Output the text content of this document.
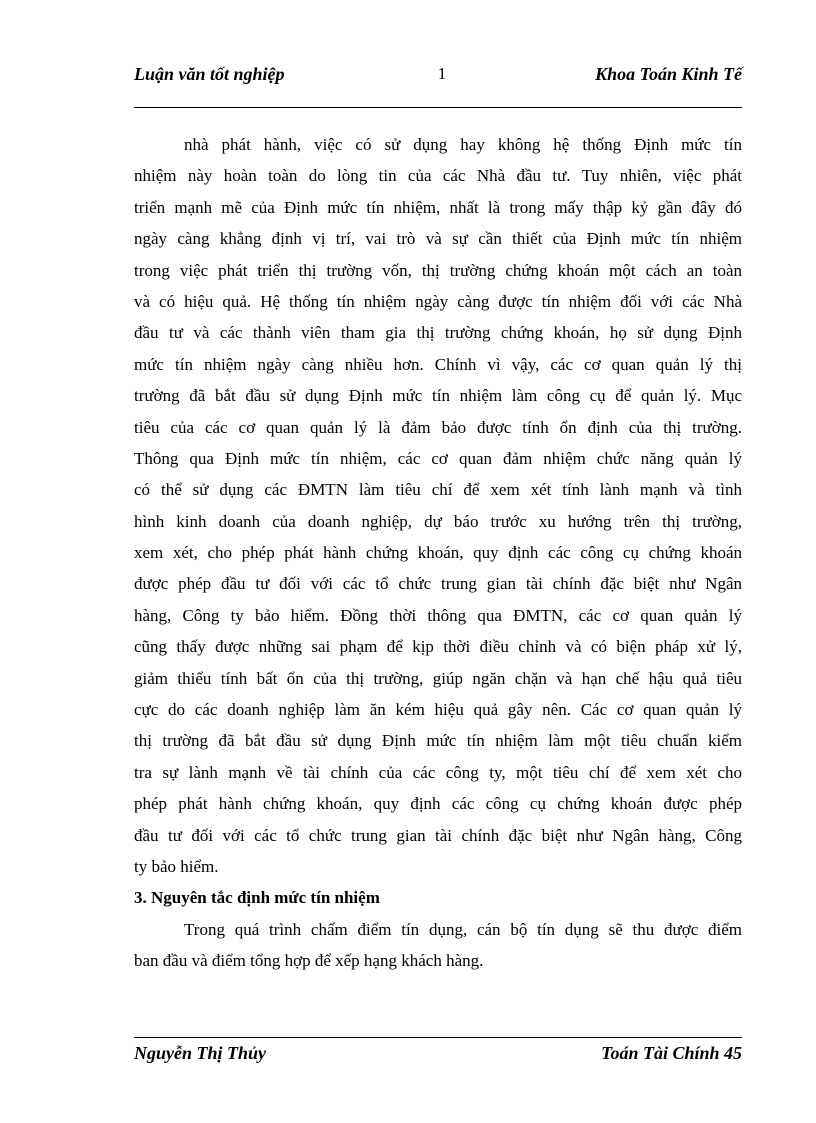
Luận văn tốt nghiệp	1	Khoa Toán Kinh Tế
nhà phát hành, việc có sử dụng hay không hệ thống Định mức tín
nhiệm này hoàn toàn do lòng tin của các Nhà đầu tư. Tuy nhiên, việc phát
triển mạnh mẽ của Định mức tín nhiệm, nhất là trong mấy thập kỷ gần đây đó
ngày càng khẳng định vị trí, vai trò và sự cần thiết của Định mức tín nhiệm
trong việc phát triển thị trường vốn, thị trường chứng khoán một cách an toàn
và có hiệu quả. Hệ thống tín nhiệm ngày càng được tín nhiệm đối với các Nhà
đầu tư và các thành viên tham gia thị trường chứng khoán, họ sử dụng Định
mức tín nhiệm ngày càng nhiều hơn. Chính vì vậy, các cơ quan quản lý thị
trường đã bắt đầu sử dụng Định mức tín nhiệm làm công cụ để quản lý. Mục
tiêu của các cơ quan quản lý là đảm bảo được tính ổn định của thị trường.
Thông qua Định mức tín nhiệm, các cơ quan đảm nhiệm chức năng quản lý
có thể sử dụng các ĐMTN làm tiêu chí để xem xét tính lành mạnh và tình
hình kinh doanh của doanh nghiệp, dự báo trước xu hướng trên thị trường,
xem xét, cho phép phát hành chứng khoán, quy định các công cụ chứng khoán
được phép đầu tư đối với các tổ chức trung gian tài chính đặc biệt như Ngân
hàng, Công ty bảo hiểm. Đồng thời thông qua ĐMTN, các cơ quan quản lý
cũng thấy được những sai phạm để kịp thời điều chỉnh và có biện pháp xử lý,
giảm thiểu tính bất ổn của thị trường, giúp ngăn chặn và hạn chế hậu quả tiêu
cực do các doanh nghiệp làm ăn kém hiệu quả gây nên. Các cơ quan quản lý
thị trường đã bắt đầu sử dụng Định mức tín nhiệm làm một tiêu chuẩn kiểm
tra sự lành mạnh về tài chính của các công ty, một tiêu chí để xem xét cho
phép phát hành chứng khoán, quy định các công cụ chứng khoán được phép
đầu tư đối với các tổ chức trung gian tài chính đặc biệt như Ngân hàng, Công
ty bảo hiểm.
3. Nguyên tắc định mức tín nhiệm
Trong quá trình chấm điểm tín dụng, cán bộ tín dụng sẽ thu được điểm
ban đầu và điểm tổng hợp để xếp hạng khách hàng.
Nguyễn Thị Thủy	Toán Tài Chính 45
